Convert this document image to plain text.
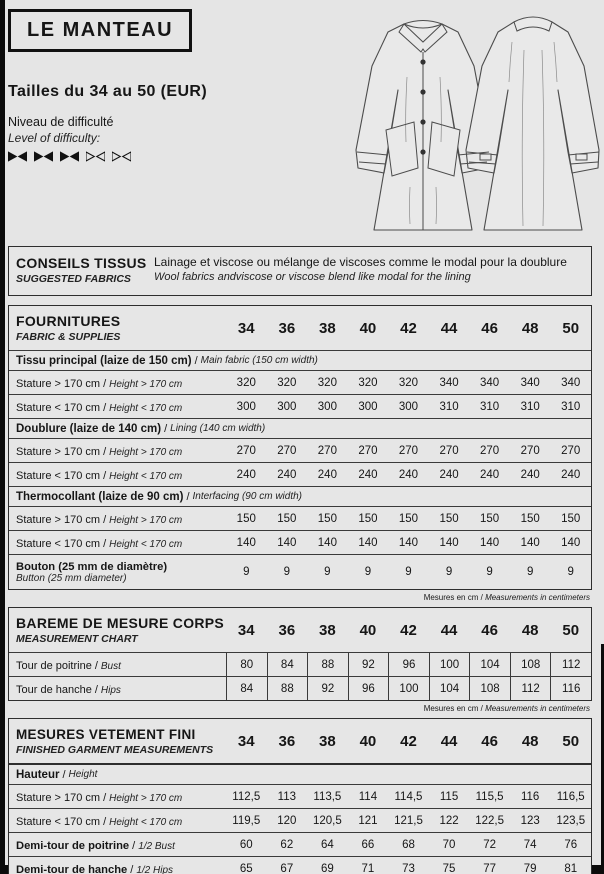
LE MANTEAU
Tailles du 34 au 50 (EUR)
Niveau de difficulté
Level of difficulty:
CONSEILS TISSUS
SUGGESTED FABRICS
Lainage et viscose ou mélange de viscoses comme le modal pour la doublure
Wool fabrics andviscose or viscose blend like modal for the lining
FOURNITURES
FABRIC & SUPPLIES
34	36	38	40	42	44	46	48	50
Tissu principal (laize de 150 cm) / Main fabric (150 cm width)
Stature > 170 cm / Height > 170 cm	320	320	320	320	320	340	340	340	340
Stature < 170 cm / Height < 170 cm	300	300	300	300	300	310	310	310	310
Doublure (laize de 140 cm) / Lining (140 cm width)
Stature > 170 cm / Height > 170 cm	270	270	270	270	270	270	270	270	270
Stature < 170 cm / Height < 170 cm	240	240	240	240	240	240	240	240	240
Thermocollant (laize de 90 cm) / Interfacing (90 cm width)
Stature > 170 cm / Height > 170 cm	150	150	150	150	150	150	150	150	150
Stature < 170 cm / Height < 170 cm	140	140	140	140	140	140	140	140	140
Bouton (25 mm de diamètre)
Button (25 mm diameter)	9	9	9	9	9	9	9	9	9
Mesures en cm / Measurements in centimeters
BAREME DE MESURE CORPS
MEASUREMENT CHART
34	36	38	40	42	44	46	48	50
Tour de poitrine / Bust	80	84	88	92	96	100	104	108	112
Tour de hanche / Hips	84	88	92	96	100	104	108	112	116
Mesures en cm / Measurements in centimeters
MESURES VETEMENT FINI
FINISHED GARMENT MEASUREMENTS	34	36	38	40	42	44	46	48	50
Hauteur / Height
Stature > 170 cm / Height > 170 cm	112,5	113	113,5	114	114,5	115	115,5	116	116,5
Stature < 170 cm / Height < 170 cm	119,5	120	120,5	121	121,5	122	122,5	123	123,5
Demi-tour de poitrine / 1/2 Bust	60	62	64	66	68	70	72	74	76
Demi-tour de hanche / 1/2 Hips	65	67	69	71	73	75	77	79	81
